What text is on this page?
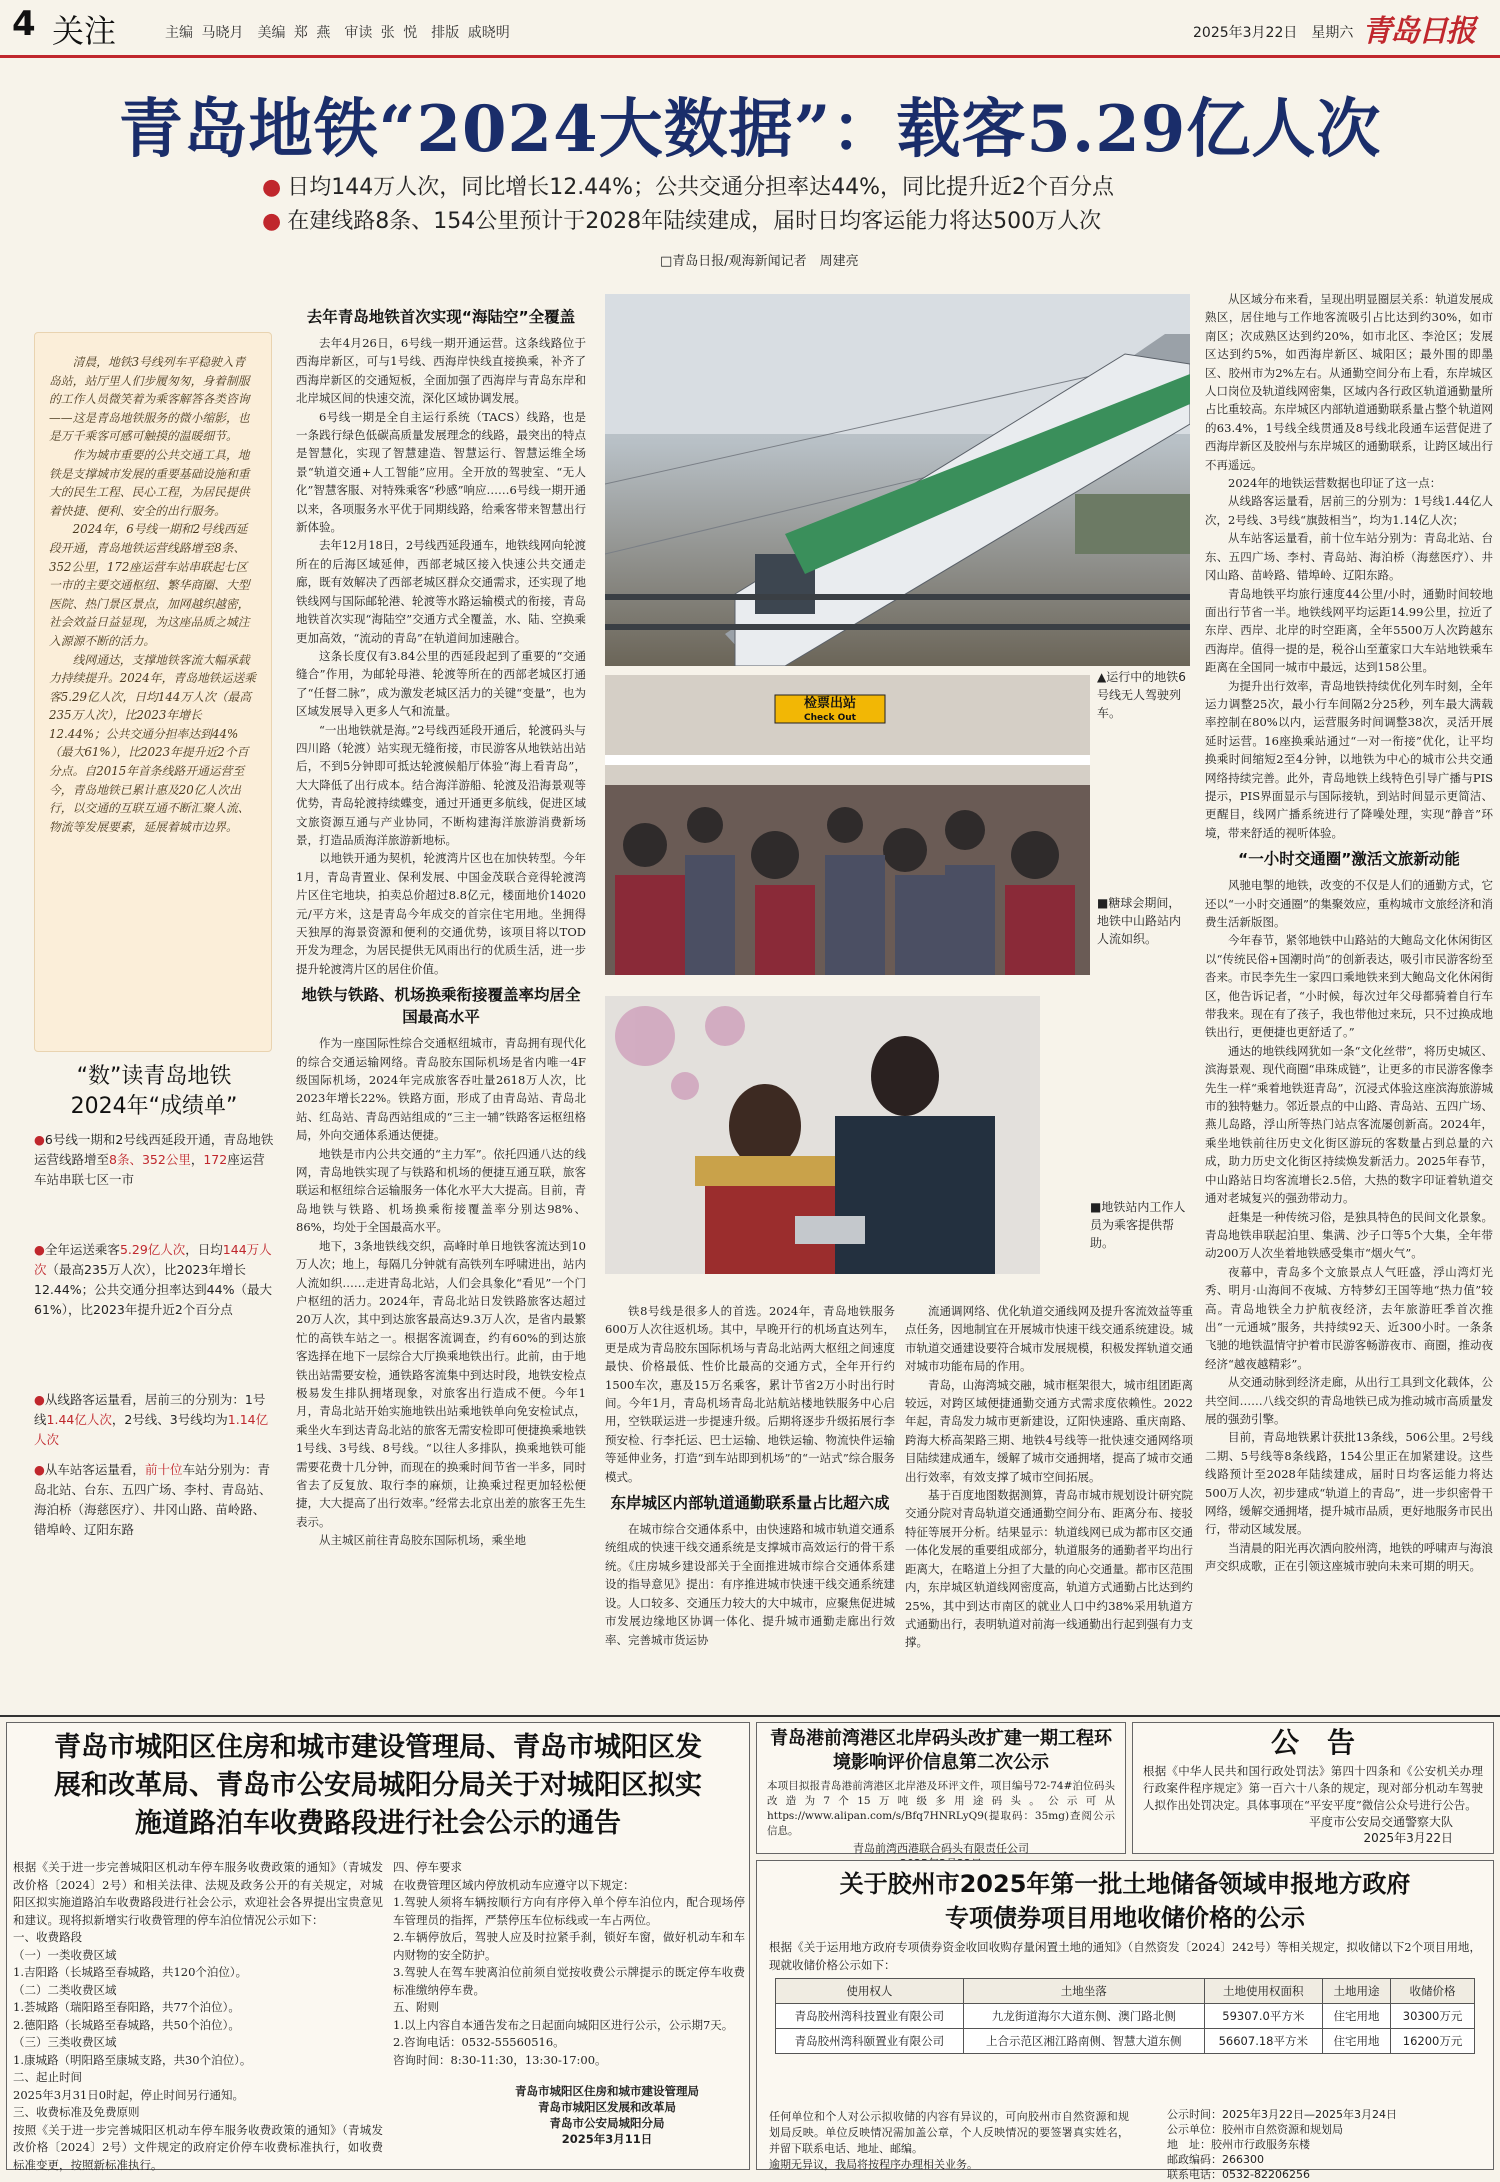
4 关注	主编 马晓月　美编 郑 燕　审读 张 悦　排版 戚晓明	2025年3月22日　星期六 青岛日报
青岛地铁“2024大数据”：载客5.29亿人次
● 日均144万人次，同比增长12.44%；公共交通分担率达44%，同比提升近2个百分点
● 在建线路8条、154公里预计于2028年陆续建成，届时日均客运能力将达500万人次
□青岛日报/观海新闻记者　周建亮

清晨，地铁3号线列车平稳驶入青岛站，站厅里人们步履匆匆，身着制服的工作人员微笑着为乘客解答各类咨询——这是青岛地铁服务的微小缩影，也是万千乘客可感可触摸的温暖细节。

作为城市重要的公共交通工具，地铁是支撑城市发展的重要基础设施和重大的民生工程、民心工程，为居民提供着快捷、便利、安全的出行服务。

2024年，6号线一期和2号线西延段开通，青岛地铁运营线路增至8条、352公里，172座运营车站串联起七区一市的主要交通枢纽、繁华商圈、大型医院、热门景区景点，加网越织越密，社会效益日益显现，为这座品质之城注入源源不断的活力。

线网通达，支撑地铁客流大幅承载力持续提升。2024年，青岛地铁运送乘客5.29亿人次，日均144万人次（最高235万人次），比2023年增长12.44%；公共交通分担率达到44%（最大61%），比2023年提升近2个百分点。自2015年首条线路开通运营至今，青岛地铁已累计惠及20亿人次出行，以交通的互联互通不断汇聚人流、物流等发展要素，延展着城市边界。

“数”读青岛地铁
2024年“成绩单”
●6号线一期和2号线西延段开通，青岛地铁运营线路增至8条、352公里，172座运营车站串联七区一市
●全年运送乘客5.29亿人次，日均144万人次（最高235万人次），比2023年增长12.44%；公共交通分担率达到44%（最大61%），比2023年提升近2个百分点
●从线路客运量看，居前三的分别为：1号线1.44亿人次，2号线、3号线均为1.14亿人次
●从车站客运量看，前十位车站分别为：青岛北站、台东、五四广场、李村、青岛站、海泊桥（海慈医疗）、井冈山路、苗岭路、错埠岭、辽阳东路
去年青岛地铁首次实现“海陆空”全覆盖

去年4月26日，6号线一期开通运营。这条线路位于西海岸新区，可与1号线、西海岸快线直接换乘，补齐了西海岸新区的交通短板，全面加强了西海岸与青岛东岸和北岸城区间的快速交流，深化区域协调发展。

6号线一期是全自主运行系统（TACS）线路，也是一条践行绿色低碳高质量发展理念的线路，最突出的特点是智慧化，实现了智慧建造、智慧运行、智慧运维全场景“轨道交通+人工智能”应用。全开放的驾驶室、“无人化”智慧客服、对特殊乘客“秒感”响应……6号线一期开通以来，各项服务水平优于同期线路，给乘客带来智慧出行新体验。

去年12月18日，2号线西延段通车，地铁线网向轮渡所在的后海区域延伸，西部老城区接入快速公共交通走廊，既有效解决了西部老城区群众交通需求，还实现了地铁线网与国际邮轮港、轮渡等水路运输模式的衔接，青岛地铁首次实现“海陆空”交通方式全覆盖，水、陆、空换乘更加高效，“流动的青岛”在轨道间加速融合。

这条长度仅有3.84公里的西延段起到了重要的“交通缝合”作用，为邮轮母港、轮渡等所在的西部老城区打通了“任督二脉”，成为激发老城区活力的关键“变量”，也为区域发展导入更多人气和流量。

“一出地铁就是海。”2号线西延段开通后，轮渡码头与四川路（轮渡）站实现无缝衔接，市民游客从地铁站出站后，不到5分钟即可抵达轮渡候船厅体验“海上看青岛”，大大降低了出行成本。结合海洋游船、轮渡及沿海景观等优势，青岛轮渡持续蝶变，通过开通更多航线，促进区域文旅资源互通与产业协同，不断构建海洋旅游消费新场景，打造品质海洋旅游新地标。

以地铁开通为契机，轮渡湾片区也在加快转型。今年1月，青岛青置业、保利发展、中国金茂联合竞得轮渡湾片区住宅地块，拍卖总价超过8.8亿元，楼面地价14020元/平方米，这是青岛今年成交的首宗住宅用地。坐拥得天独厚的海景资源和便利的交通优势，该项目将以TOD开发为理念，为居民提供无风雨出行的优质生活，进一步提升轮渡湾片区的居住价值。

地铁与铁路、机场换乘衔接覆盖率均居全国最高水平

作为一座国际性综合交通枢纽城市，青岛拥有现代化的综合交通运输网络。青岛胶东国际机场是省内唯一4F级国际机场，2024年完成旅客吞吐量2618万人次，比2023年增长22%。铁路方面，形成了由青岛站、青岛北站、红岛站、青岛西站组成的“三主一辅”铁路客运枢纽格局，外向交通体系通达便捷。

地铁是市内公共交通的“主力军”。依托四通八达的线网，青岛地铁实现了与铁路和机场的便捷互通互联，旅客联运和枢纽综合运输服务一体化水平大大提高。目前，青岛地铁与铁路、机场换乘衔接覆盖率分别达98%、86%，均处于全国最高水平。

地下，3条地铁线交织，高峰时单日地铁客流达到10万人次；地上，每隔几分钟就有高铁列车呼啸进出，站内人流如织……走进青岛北站，人们会具象化“看见”一个门户枢纽的活力。2024年，青岛北站日发铁路旅客达超过20万人次，其中到达旅客最高达9.3万人次，是省内最繁忙的高铁车站之一。根据客流调查，约有60%的到达旅客选择在地下一层综合大厅换乘地铁出行。此前，由于地铁出站需要安检，通铁路客流集中到达时段，地铁安检点极易发生排队拥堵现象，对旅客出行造成不便。今年1月，青岛北站开始实施地铁出站乘地铁单向免安检试点，乘坐火车到达青岛北站的旅客无需安检即可便捷换乘地铁1号线、3号线、8号线。“以往人多排队，换乘地铁可能需要花费十几分钟，而现在的换乘时间节省一半多，同时省去了反复放、取行李的麻烦，让换乘过程更加轻松便捷，大大提高了出行效率。”经常去北京出差的旅客王先生表示。

从主城区前往青岛胶东国际机场，乘坐地

▲运行中的地铁6号线无人驾驶列车。
检票出站
Check Out
■糖球会期间，地铁中山路站内人流如织。
■地铁站内工作人员为乘客提供帮助。

铁8号线是很多人的首选。2024年，青岛地铁服务600万人次往返机场。其中，早晚开行的机场直达列车，更是成为青岛胶东国际机场与青岛北站两大枢纽之间速度最快、价格最低、性价比最高的交通方式，全年开行约1500车次，惠及15万名乘客，累计节省2万小时出行时间。今年1月，青岛机场青岛北站航站楼地铁服务中心启用，空铁联运进一步提速升级。后期将逐步升级拓展行李预安检、行李托运、巴士运输、地铁运输、物流快件运输等延伸业务，打造“到车站即到机场”的“一站式”综合服务模式。

东岸城区内部轨道通勤联系量占比超六成

在城市综合交通体系中，由快速路和城市轨道交通系统组成的快速干线交通系统是支撑城市高效运行的骨干系统。《庄房城乡建设部关于全面推进城市综合交通体系建设的指导意见》提出：有序推进城市快速干线交通系统建设。人口较多、交通压力较大的大中城市，应聚焦促进城市发展边缘地区协调一体化、提升城市通勤走廊出行效率、完善城市货运协

流通调网络、优化轨道交通线网及提升客流效益等重点任务，因地制宜在开展城市快速干线交通系统建设。城市轨道交通建设要符合城市发展规模，积极发挥轨道交通对城市功能布局的作用。

青岛，山海湾城交融，城市框架很大，城市组团距离较远，对跨区域便捷通勤交通方式需求度依赖性。2022年起，青岛发力城市更新建设，辽阳快速路、重庆南路、跨海大桥高架路三期、地铁4号线等一批快速交通网络项目陆续建成通车，缓解了城市交通拥堵，提高了城市交通出行效率，有效支撑了城市空间拓展。

基于百度地图数据测算，青岛市城市规划设计研究院交通分院对青岛轨道交通通勤空间分布、距离分布、接驳特征等展开分析。结果显示：轨道线网已成为都市区交通一体化发展的重要组成部分，轨道服务的通勤者平均出行距离大，在略道上分担了大量的向心交通量。都市区范围内，东岸城区轨道线网密度高，轨道方式通勤占比达到约25%，其中到达市南区的就业人口中约38%采用轨道方式通勤出行，表明轨道对前海一线通勤出行起到强有力支撑。

从区域分布来看，呈现出明显圈层关系：轨道发展成熟区，居住地与工作地客流吸引占比达到约30%，如市南区；次成熟区达到约20%，如市北区、李沧区；发展区达到约5%，如西海岸新区、城阳区；最外围的即墨区、胶州市为2%左右。从通勤空间分布上看，东岸城区人口岗位及轨道线网密集，区域内各行政区轨道通勤量所占比重较高。东岸城区内部轨道通勤联系量占整个轨道网的63.4%，1号线全线贯通及8号线北段通车运营促进了西海岸新区及胶州与东岸城区的通勤联系，让跨区域出行不再遥远。

2024年的地铁运营数据也印证了这一点：

从线路客运量看，居前三的分别为：1号线1.44亿人次，2号线、3号线“旗鼓相当”，均为1.14亿人次；

从车站客运量看，前十位车站分别为：青岛北站、台东、五四广场、李村、青岛站、海泊桥（海慈医疗）、井冈山路、苗岭路、错埠岭、辽阳东路。

青岛地铁平均旅行速度44公里/小时，通勤时间较地面出行节省一半。地铁线网平均运距14.99公里，拉近了东岸、西岸、北岸的时空距离，全年5500万人次跨越东西海岸。值得一提的是，税谷山至董家口大车站地铁乘车距离在全国同一城市中最远，达到158公里。

为提升出行效率，青岛地铁持续优化列车时刻，全年运力调整25次，最小行车间隔2分25秒，列车最大满载率控制在80%以内，运营服务时间调整38次，灵活开展延时运营。16座换乘站通过“一对一衔接”优化，让平均换乘时间缩短2至4分钟，以地铁为中心的城市公共交通网络持续完善。此外，青岛地铁上线特色引导广播与PIS提示，PIS界面显示与国际接轨，到站时间显示更简洁、更醒目，线网广播系统进行了降噪处理，实现“静音”环境，带来舒适的视听体验。

“一小时交通圈”激活文旅新动能

风驰电掣的地铁，改变的不仅是人们的通勤方式，它还以“一小时交通圈”的集聚效应，重构城市文旅经济和消费生活新版图。

今年春节，紧邻地铁中山路站的大鲍岛文化休闲街区以“传统民俗+国潮时尚”的创新表达，吸引市民游客纷至沓来。市民李先生一家四口乘地铁来到大鲍岛文化休闲街区，他告诉记者，“小时候，每次过年父母都骑着自行车带我来。现在有了孩子，我也带他过来玩，只不过换成地铁出行，更便捷也更舒适了。”

通达的地铁线网犹如一条“文化丝带”，将历史城区、滨海景观、现代商圈“串珠成链”，让更多的市民游客像李先生一样“乘着地铁逛青岛”，沉浸式体验这座滨海旅游城市的独特魅力。邻近景点的中山路、青岛站、五四广场、燕儿岛路，浮山所等热门站点客流屡创新高。2024年，乘坐地铁前往历史文化街区游玩的客数量占到总量的六成，助力历史文化街区持续焕发新活力。2025年春节，中山路站日均客流增长2.5倍，大热的数字印证着轨道交通对老城复兴的强劲带动力。

赶集是一种传统习俗，是独具特色的民间文化景象。青岛地铁串联起泊里、集满、沙子口等5个大集，全年带动200万人次坐着地铁感受集市“烟火气”。

夜幕中，青岛多个文旅景点人气旺盛，浮山湾灯光秀、明月·山海间不夜城、方特梦幻王国等地“热力值”较高。青岛地铁全力护航夜经济，去年旅游旺季首次推出“一元通城”服务，共持续92天、近300小时。一条条飞驰的地铁温情守护着市民游客畅游夜市、商圈，推动夜经济“越夜越精彩”。

从交通动脉到经济走廊，从出行工具到文化载体，公共空间……八线交织的青岛地铁已成为推动城市高质量发展的强劲引擎。

目前，青岛地铁累计获批13条线，506公里。2号线二期、5号线等8条线路，154公里正在加紧建设。这些线路预计至2028年陆续建成，届时日均客运能力将达500万人次，初步建成“轨道上的青岛”，进一步织密骨干网络，缓解交通拥堵，提升城市品质，更好地服务市民出行，带动区域发展。

当清晨的阳光再次洒向胶州湾，地铁的呼啸声与海浪声交织成歌，正在引领这座城市驶向未来可期的明天。

青岛市城阳区住房和城市建设管理局、青岛市城阳区发展和改革局、青岛市公安局城阳分局关于对城阳区拟实施道路泊车收费路段进行社会公示的通告
根据《关于进一步完善城阳区机动车停车服务收费政策的通知》（青城发改价格〔2024〕2号）和相关法律、法规及政务公开的有关规定，对城阳区拟实施道路泊车收费路段进行社会公示，欢迎社会各界提出宝贵意见和建议。现将拟新增实行收费管理的停车泊位情况公示如下：
一、收费路段
（一）一类收费区域
1.吉阳路（长城路至春城路，共120个泊位）。
（二）二类收费区域
1.荟城路（瑞阳路至春阳路，共77个泊位）。
2.德阳路（长城路至春城路，共50个泊位）。
（三）三类收费区域
1.康城路（明阳路至康城支路，共30个泊位）。
二、起止时间
2025年3月31日0时起，停止时间另行通知。
三、收费标准及免费原则
按照《关于进一步完善城阳区机动车停车服务收费政策的通知》（青城发改价格〔2024〕2号）文件规定的政府定价停车收费标准执行，如收费标准变更，按照新标准执行。
四、停车要求
在收费管理区域内停放机动车应遵守以下规定：
1.驾驶人须将车辆按顺行方向有序停入单个停车泊位内，配合现场停车管理员的指挥，严禁停压车位标线或一车占两位。
2.车辆停放后，驾驶人应及时拉紧手刹，锁好车窗，做好机动车和车内财物的安全防护。
3.驾驶人在驾车驶离泊位前须自觉按收费公示牌提示的既定停车收费标准缴纳停车费。
五、附则
1.以上内容自本通告发布之日起面向城阳区进行公示，公示期7天。
2.咨询电话：0532-55560516。
咨询时间：8:30-11:30，13:30-17:00。
青岛市城阳区住房和城市建设管理局
青岛市城阳区发展和改革局
青岛市公安局城阳分局
2025年3月11日
青岛港前湾港区北岸码头改扩建一期工程环境影响评价信息第二次公示
本项目拟报青岛港前湾港区北岸港及环评文件，项目编号72-74#泊位码头改造为7个15万吨级多用途码头。公示可从https://www.alipan.com/s/Bfq7HNRLyQ9(提取码：35mg)查阅公示信息。
青岛前湾西港联合码头有限责任公司
公　告
根据《中华人民共和国行政处罚法》第四十四条和《公安机关办理行政案件程序规定》第一百六十八条的规定，现对部分机动车驾驶人拟作出处罚决定。具体事项在“平安平度”微信公众号进行公告。
平度市公安局交通警察大队
2025年3月22日
关于胶州市2025年第一批土地储备领域申报地方政府专项债券项目用地收储价格的公示
根据《关于运用地方政府专项债券资金收回收购存量闲置土地的通知》（自然资发〔2024〕242号）等相关规定，拟收储以下2个项目用地，现就收储价格公示如下：
使用权人	土地坐落	土地使用权面积	土地用途	收储价格
青岛胶州湾科技置业有限公司	九龙街道海尔大道东侧、澳门路北侧	59307.0平方米	住宅用地	30300万元
青岛胶州湾科颐置业有限公司	上合示范区湘江路南侧、智慧大道东侧	56607.18平方米	住宅用地	16200万元

任何单位和个人对公示拟收储的内容有异议的，可向胶州市自然资源和规划局反映。单位反映情况需加盖公章，个人反映情况的要签署真实姓名，并留下联系电话、地址、邮编。

逾期无异议，我局将按程序办理相关业务。

公示时间：2025年3月22日—2025年3月24日
公示单位：胶州市自然资源和规划局
地　址：胶州市行政服务东楼
邮政编码：266300
联系电话：0532-82206256
